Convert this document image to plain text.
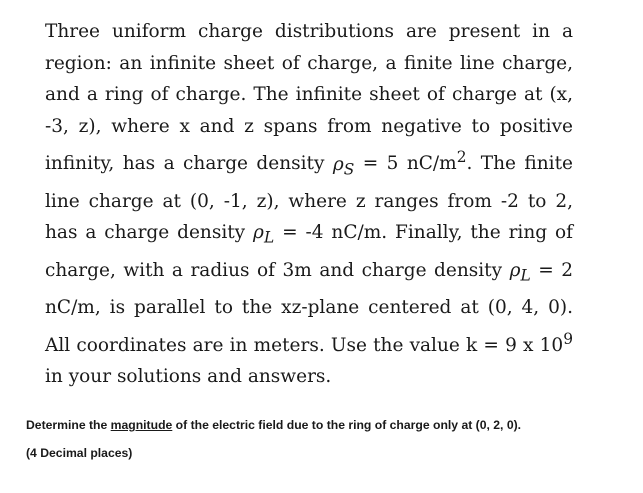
Three uniform charge distributions are present in a region: an infinite sheet of charge, a finite line charge, and a ring of charge. The infinite sheet of charge at (x, -3, z), where x and z spans from negative to positive infinity, has a charge density $\rho_S = 5$ $nC/m^2$. The finite line charge at (0, -1, z), where z ranges from -2 to 2, has a charge density $\rho_L = -4$ nC/m. Finally, the ring of charge, with a radius of 3m and charge density $\rho_L = 2$ nC/m, is parallel to the xz-plane centered at (0, 4, 0). All coordinates are in meters. Use the value k = 9 x $10^9$ in your solutions and answers.

Determine the magnitude of the electric field due to the ring of charge only at (0, 2, 0).

(4 Decimal places)
